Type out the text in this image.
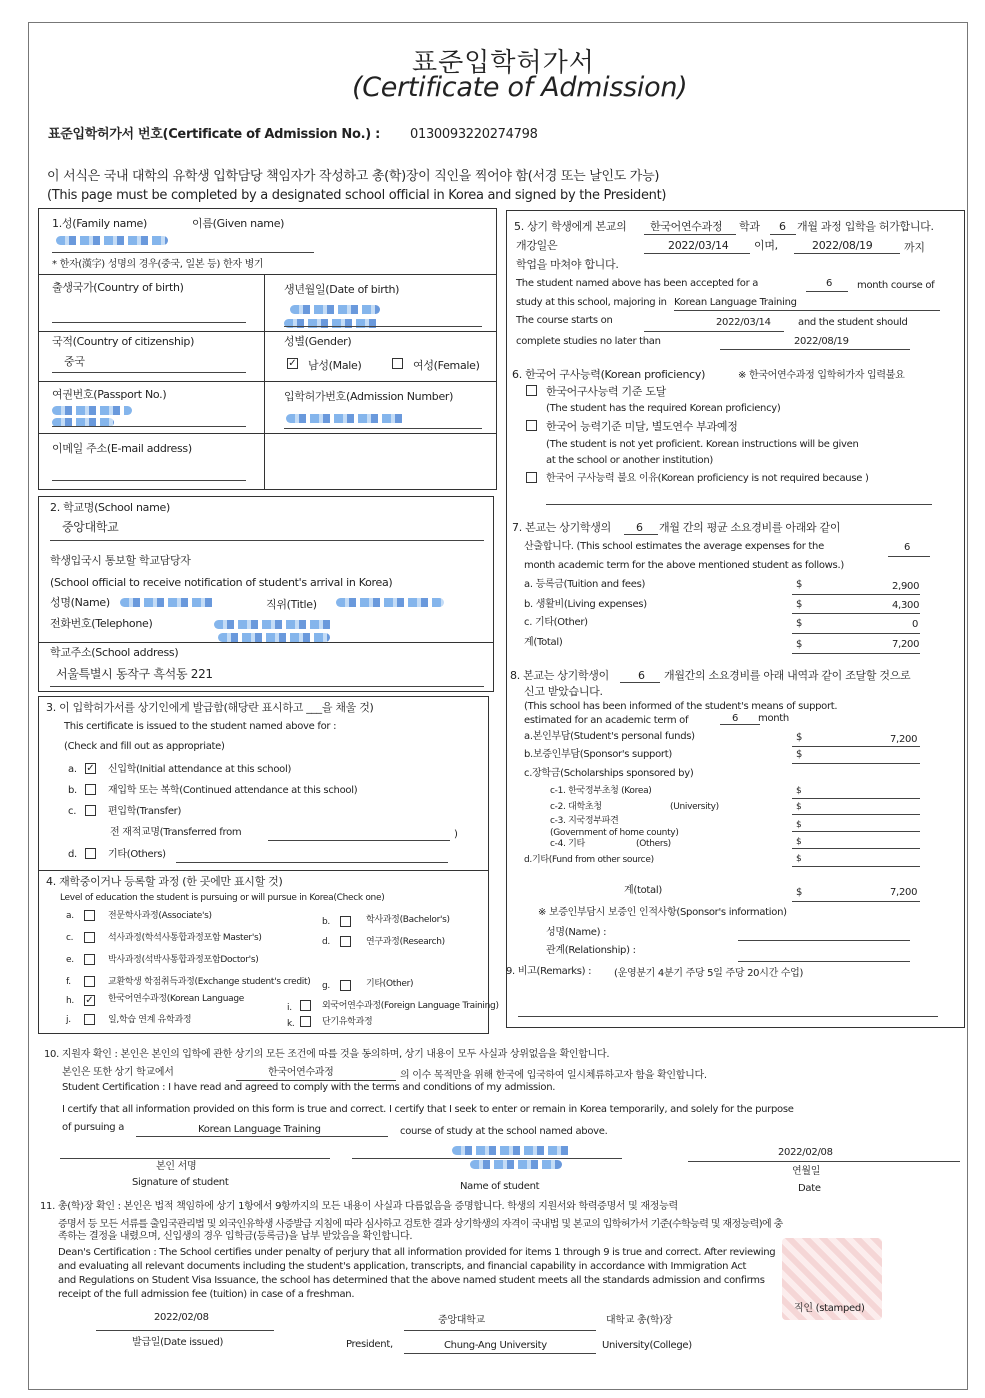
표준입학허가서
(Certificate of Admission)
표준입학허가서 번호(Certificate of Admission No.) : 0130093220274798
이 서식은 국내 대학의 유학생 입학담당 책임자가 작성하고 총(학)장이 직인을 찍어야 함(서경 또는 날인도 가능)
(This page must be completed by a designated school official in Korea and signed by the President)
1.성(Family name)	이름(Given name)
* 한자(漢字) 성명의 경우(중국, 일본 등) 한자 병기
출생국가(Country of birth)	생년월일(Date of birth)
국적(Country of citizenship)
중국
성별(Gender)
✓ 남성(Male)	여성(Female)
여권번호(Passport No.)	입학허가번호(Admission Number)
이메일 주소(E-mail address)
2. 학교명(School name)
중앙대학교
학생입국시 통보할 학교담당자
(School official to receive notification of student's arrival in Korea)
성명(Name)	직위(Title)
전화번호(Telephone)
학교주소(School address)
서울특별시 동작구 흑석동 221
3. 이 입학허가서를 상기인에게 발급함(해당란 표시하고 ___을 채울 것)
This certificate is issued to the student named above for :
(Check and fill out as appropriate)
a. ✓ 신입학(Initial attendance at this school)
b.	재입학 또는 복학(Continued attendance at this school)
c.	편입학(Transfer)
전 재적교명(Transferred from	)
d.	기타(Others)
4. 재학중이거나 등록할 과정 (한 곳에만 표시할 것)
Level of education the student is pursuing or will pursue in Korea(Check one)
a.	전문학사과정(Associate's)
c.	석사과정(학석사통합과정포함 Master's)
e.	박사과정(석박사통합과정포함Doctor's)
f.	교환학생 학점취득과정(Exchange student's credit)
h. ✓ 한국어연수과정(Korean Language
j.	일,학습 연계 유학과정
b.	학사과정(Bachelor's)
d.	연구과정(Research)
g.	기타(Other)
i.	외국어연수과정(Foreign Language Training)
k.	단기유학과정
5. 상기 학생에게 본교의 한국어연수과정 학과 6 개월 과정 입학을 허가합니다.
개강일은	2022/03/14 이며,	2022/08/19	까지
학업을 마쳐야 합니다.
The student named above has been accepted for a	6 month course of
study at this school, majoring in Korean Language Training
The course starts on	2022/03/14	and the student should
complete studies no later than	2022/08/19
6. 한국어 구사능력(Korean proficiency)	※ 한국어연수과정 입학허가자 입력불요
한국어구사능력 기준 도달
(The student has the required Korean proficiency)
한국어 능력기준 미달, 별도연수 부과예정
(The student is not yet proficient. Korean instructions will be given
at the school or another institution)
한국어 구사능력 불요 이유(Korean proficiency is not required because )
7. 본교는 상기학생의 6 개월 간의 평균 소요경비를 아래와 같이
산출합니다. (This school estimates the average expenses for the	6
month academic term for the above mentioned student as follows.)
a. 등록금(Tuition and fees)	$	2,900
b. 생활비(Living expenses)	$	4,300
c. 기타(Other)	$	0
계(Total)	$	7,200
8. 본교는 상기학생이	6 개월간의 소요경비를 아래 내역과 같이 조달할 것으로
신고 받았습니다.
(This school has been informed of the student's means of support.
estimated for an academic term of	6 month
a.본인부담(Student's personal funds)	$	7,200
b.보증인부담(Sponsor's support)	$
c.장학금(Scholarships sponsored by)
c-1. 한국정부초청 (Korea)	$
c-2. 대학초청	(University)	$
c-3. 지국정부파견	$
(Government of home county)
c-4. 기타	(Others)	$
d.기타(Fund from other source)	$
계(total)	$	7,200
※ 보증인부담시 보증인 인적사항(Sponsor's information)
성명(Name) :
관계(Relationship) :
9. 비고(Remarks) : (운영분기 4분기 주당 5일 주당 20시간 수업)
10. 지원자 확인 : 본인은 본인의 입학에 관한 상기의 모든 조건에 따를 것을 동의하며, 상기 내용이 모두 사실과 상위없음을 확인합니다.
본인은 또한 상기 학교에서	한국어연수과정	의 이수 목적만을 위해 한국에 입국하여 일시체류하고자 함을 확인합니다.
Student Certification : I have read and agreed to comply with the terms and conditions of my admission.
I certify that all information provided on this form is true and correct. I certify that I seek to enter or remain in Korea temporarily, and solely for the purpose
of pursuing a	Korean Language Training	course of study at the school named above.
2022/02/08
본인 서명
Signature of student	Name of student
연월일
Date
11. 총(학)장 확인 : 본인은 법적 책임하에 상기 1항에서 9항까지의 모든 내용이 사실과 다름없음을 증명합니다. 학생의 지원서와 학력증명서 및 재정능력
증명서 등 모든 서류를 출입국관리법 및 외국인유학생 사증발급 지침에 따라 심사하고 검토한 결과 상기학생의 자격이 국내법 및 본교의 입학허가서 기준(수학능력 및 재정능력)에 충
족하는 결정을 내렸으며, 신입생의 경우 입학금(등록금)을 납부 받았음을 확인합니다.
Dean's Certification : The School certifies under penalty of perjury that all information provided for items 1 through 9 is true and correct. After reviewing
and evaluating all relevant documents including the student's application, transcripts, and financial capability in accordance with Immigration Act
and Regulations on Student Visa Issuance, the school has determined that the above named student meets all the standards admission and confirms
receipt of the full admission fee (tuition) in case of a freshman.
직인 (stamped)
2022/02/08
발급일(Date issued)
중앙대학교
President,	Chung-Ang University
대학교 총(학)장
University(College)
